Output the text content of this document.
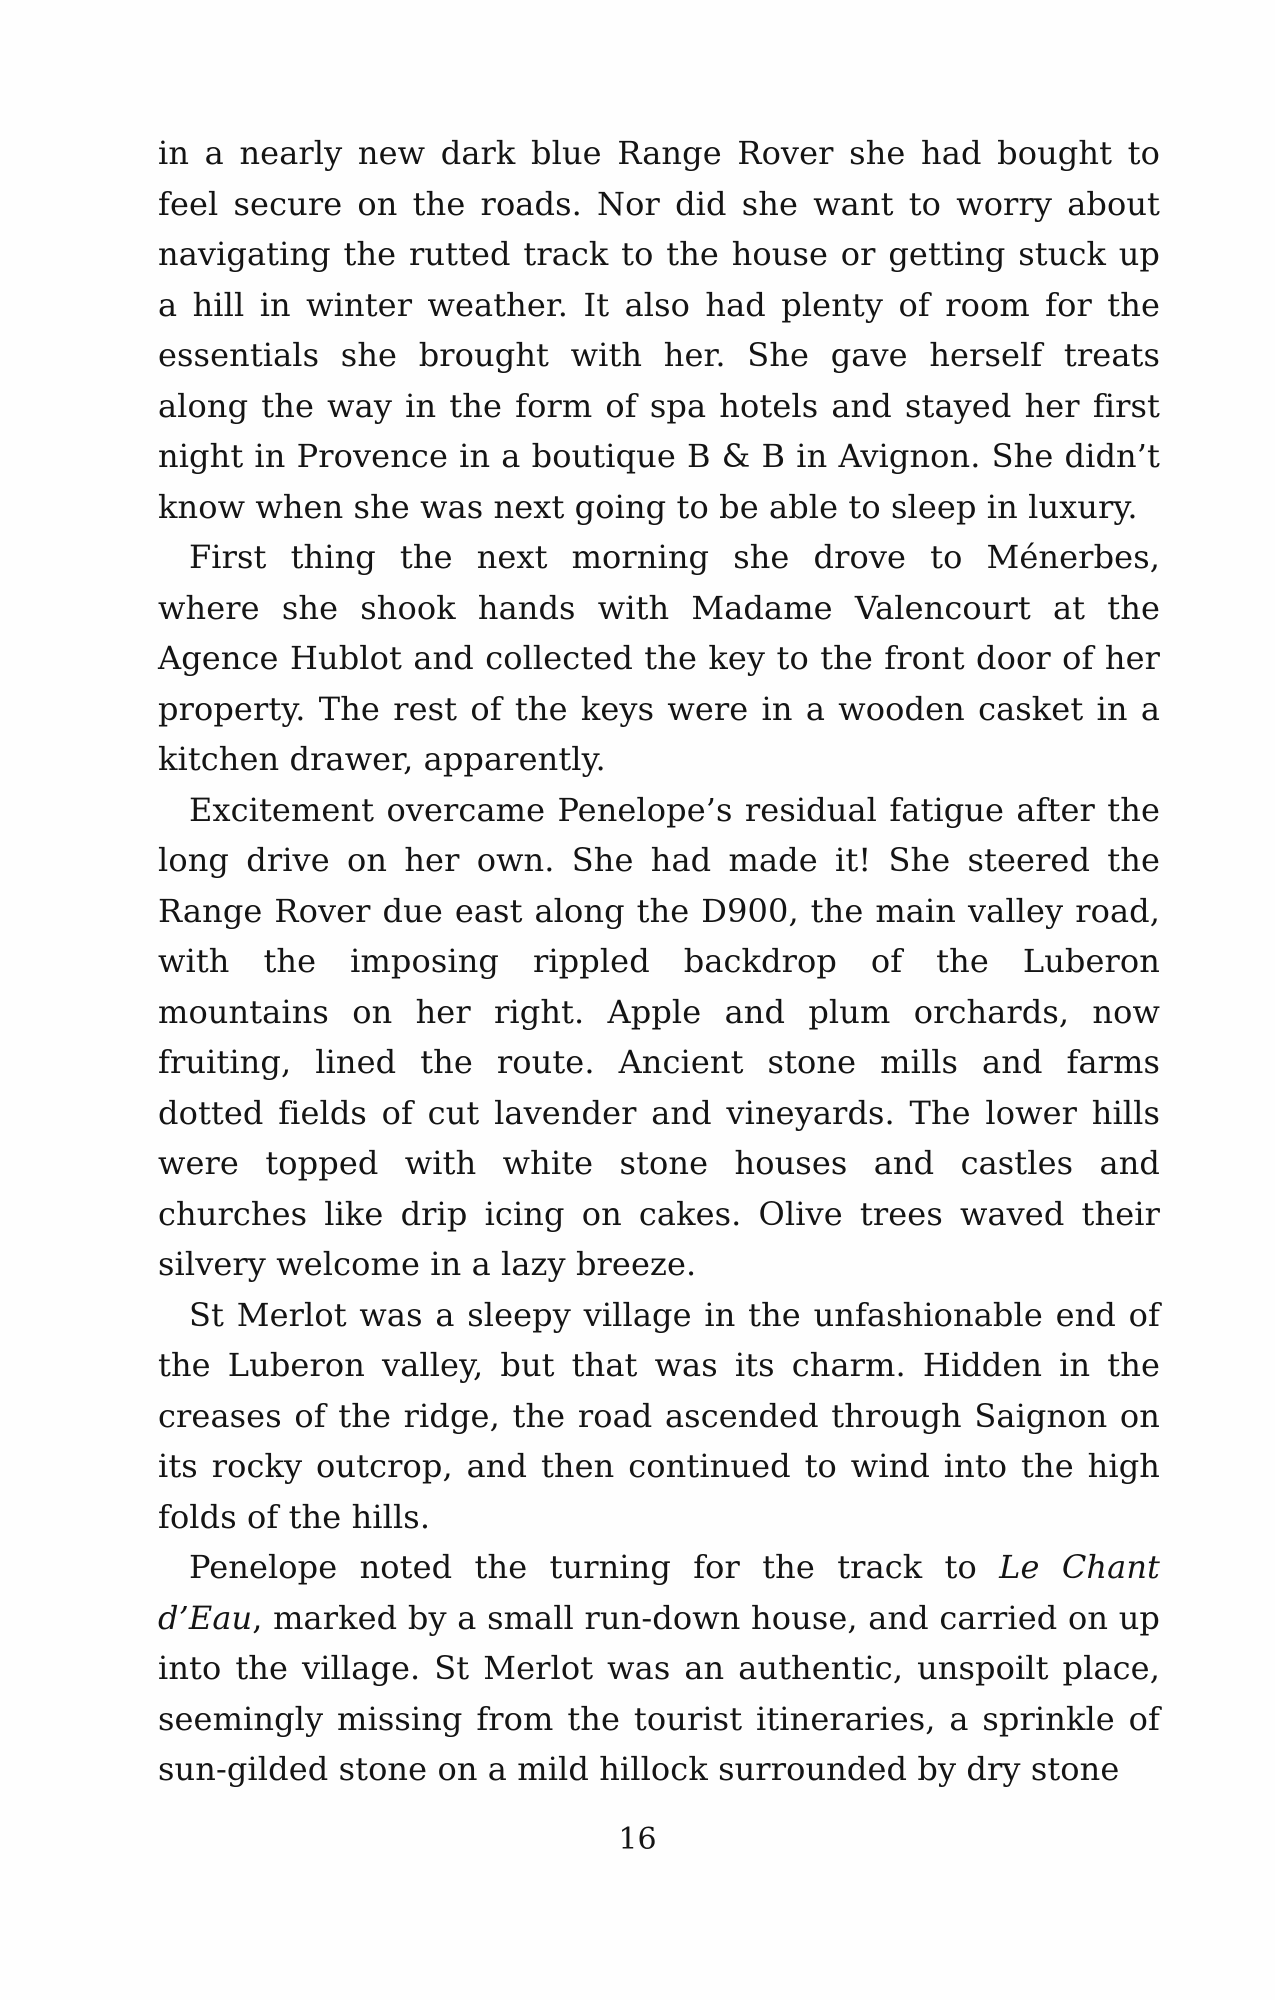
in a nearly new dark blue Range Rover she had bought to feel secure on the roads. Nor did she want to worry about navigating the rutted track to the house or getting stuck up a hill in winter weather. It also had plenty of room for the essentials she brought with her. She gave herself treats along the way in the form of spa hotels and stayed her first night in Provence in a boutique B & B in Avignon. She didn’t know when she was next going to be able to sleep in luxury.

First thing the next morning she drove to Ménerbes, where she shook hands with Madame Valencourt at the Agence Hublot and collected the key to the front door of her property. The rest of the keys were in a wooden casket in a kitchen drawer, apparently.

Excitement overcame Penelope’s residual fatigue after the long drive on her own. She had made it! She steered the Range Rover due east along the D900, the main valley road, with the imposing rippled backdrop of the Luberon mountains on her right. Apple and plum orchards, now fruiting, lined the route. Ancient stone mills and farms dotted fields of cut lavender and vineyards. The lower hills were topped with white stone houses and castles and churches like drip icing on cakes. Olive trees waved their silvery welcome in a lazy breeze.

St Merlot was a sleepy village in the unfashionable end of the Luberon valley, but that was its charm. Hidden in the creases of the ridge, the road ascended through Saignon on its rocky outcrop, and then continued to wind into the high folds of the hills.

Penelope noted the turning for the track to Le Chant d’Eau, marked by a small run-down house, and carried on up into the village. St Merlot was an authentic, unspoilt place, seemingly missing from the tourist itineraries, a sprinkle of sun-gilded stone on a mild hillock surrounded by dry stone

16
